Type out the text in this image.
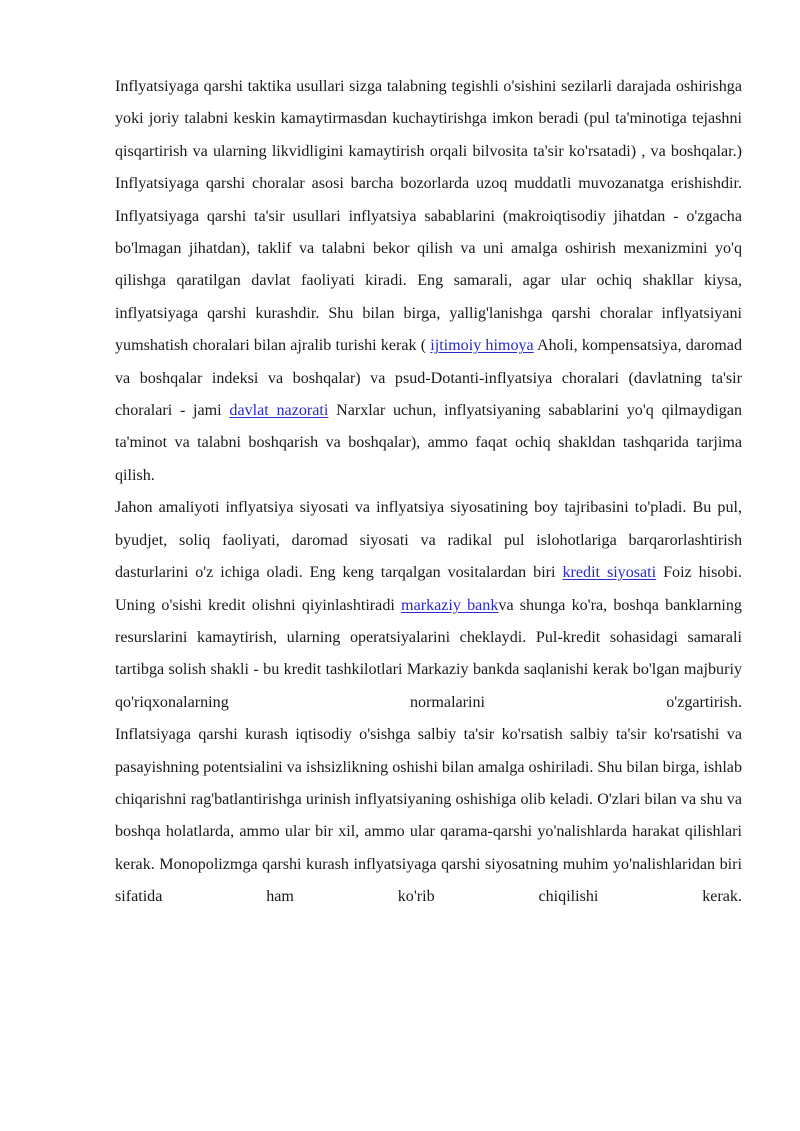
Inflyatsiyaga qarshi taktika usullari sizga talabning tegishli o'sishini sezilarli darajada oshirishga yoki joriy talabni keskin kamaytirmasdan kuchaytirishga imkon beradi (pul ta'minotiga tejashni qisqartirish va ularning likvidligini kamaytirish orqali bilvosita ta'sir ko'rsatadi) , va boshqalar.)

Inflyatsiyaga qarshi choralar asosi barcha bozorlarda uzoq muddatli muvozanatga erishishdir. Inflyatsiyaga qarshi ta'sir usullari inflyatsiya sabablarini (makroiqtisodiy jihatdan - o'zgacha bo'lmagan jihatdan), taklif va talabni bekor qilish va uni amalga oshirish mexanizmini yo'q qilishga qaratilgan davlat faoliyati kiradi. Eng samarali, agar ular ochiq shakllar kiysa, inflyatsiyaga qarshi kurashdir. Shu bilan birga, yallig'lanishga qarshi choralar inflyatsiyani yumshatish choralari bilan ajralib turishi kerak ( ijtimoiy himoya Aholi, kompensatsiya, daromad va boshqalar indeksi va boshqalar) va psud-Dotanti-inflyatsiya choralari (davlatning ta'sir choralari - jami davlat nazorati Narxlar uchun, inflyatsiyaning sabablarini yo'q qilmaydigan ta'minot va talabni boshqarish va boshqalar), ammo faqat ochiq shakldan tashqarida tarjima qilish.

Jahon amaliyoti inflyatsiya siyosati va inflyatsiya siyosatining boy tajribasini to'pladi. Bu pul, byudjet, soliq faoliyati, daromad siyosati va radikal pul islohotlariga barqarorlashtirish dasturlarini o'z ichiga oladi. Eng keng tarqalgan vositalardan biri kredit siyosati Foiz hisobi. Uning o'sishi kredit olishni qiyinlashtiradi markaziy bankva shunga ko'ra, boshqa banklarning resurslarini kamaytirish, ularning operatsiyalarini cheklaydi. Pul-kredit sohasidagi samarali tartibga solish shakli - bu kredit tashkilotlari Markaziy bankda saqlanishi kerak bo'lgan majburiy qo'riqxonalarning normalarini o'zgartirish.

Inflatsiyaga qarshi kurash iqtisodiy o'sishga salbiy ta'sir ko'rsatish salbiy ta'sir ko'rsatishi va pasayishning potentsialini va ishsizlikning oshishi bilan amalga oshiriladi. Shu bilan birga, ishlab chiqarishni rag'batlantirishga urinish inflyatsiyaning oshishiga olib keladi. O'zlari bilan va shu va boshqa holatlarda, ammo ular bir xil, ammo ular qarama-qarshi yo'nalishlarda harakat qilishlari kerak. Monopolizmga qarshi kurash inflyatsiyaga qarshi siyosatning muhim yo'nalishlaridan biri sifatida ham ko'rib chiqilishi kerak.
